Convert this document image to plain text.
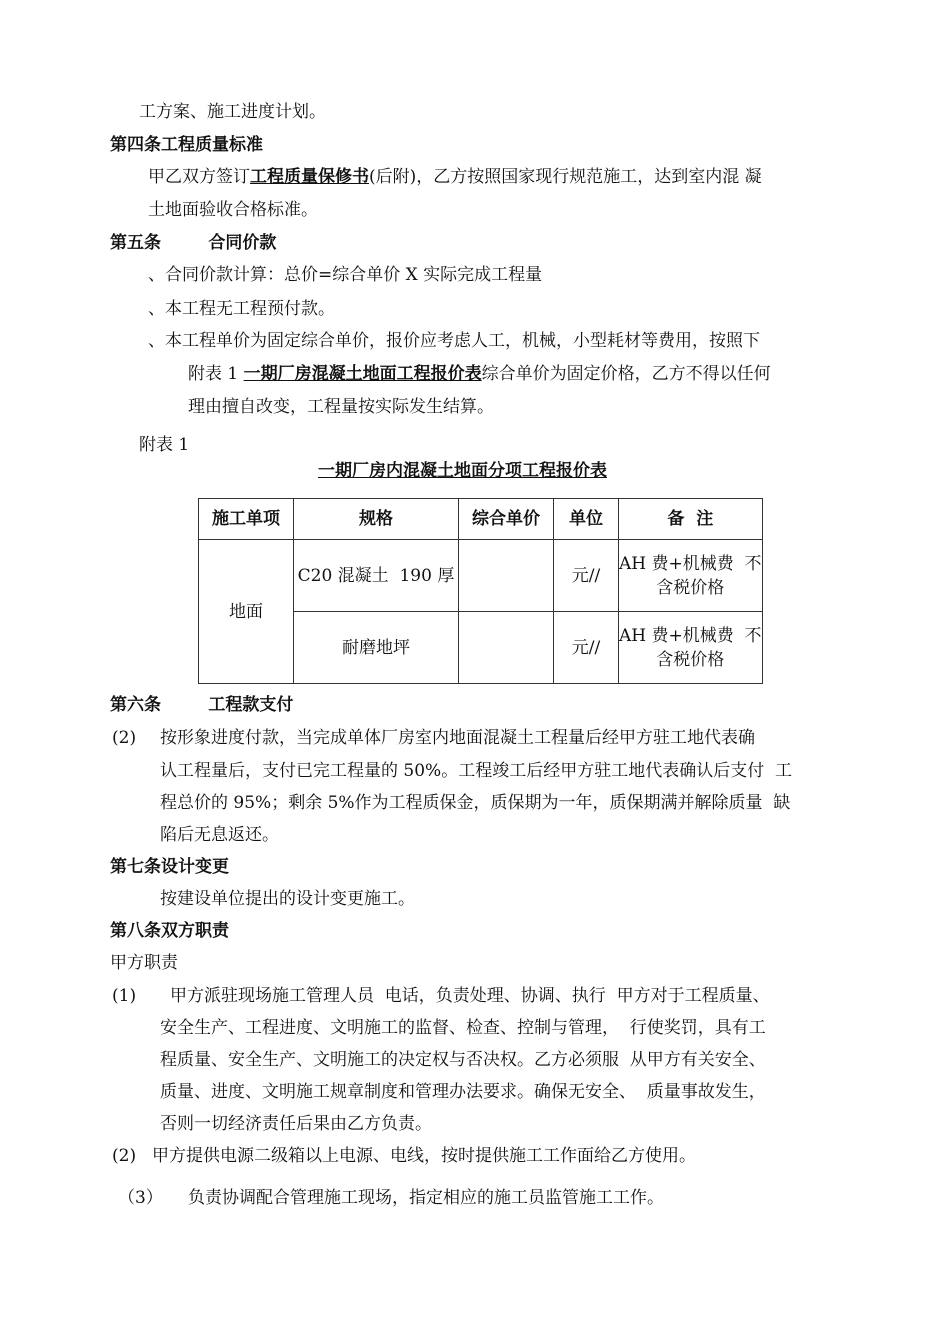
工方案、施工进度计划。
第四条工程质量标准
甲乙双方签订工程质量保修书(后附)，乙方按照国家现行规范施工，达到室内混 凝
土地面验收合格标准。
第五条        合同价款
、合同价款计算：总价=综合单价 X 实际完成工程量
、本工程无工程预付款。
、本工程单价为固定综合单价，报价应考虑人工，机械，小型耗材等费用，按照下
附表 1 一期厂房混凝土地面工程报价表综合单价为固定价格，乙方不得以任何
理由擅自改变，工程量按实际发生结算。
附表 1
一期厂房内混凝土地面分项工程报价表
施工单项	规格	综合单价	单位	备  注
地面	C20 混凝土  190 厚		元//	AH 费+机械费  不
含税价格

	耐磨地坪		元//	AH 费+机械费  不
含税价格
第六条        工程款支付
(2) 按形象进度付款，当完成单体厂房室内地面混凝土工程量后经甲方驻工地代表确
认工程量后，支付已完工程量的 50%。工程竣工后经甲方驻工地代表确认后支付  工
程总价的 95%；剩余 5%作为工程质保金，质保期为一年，质保期满并解除质量  缺
陷后无息返还。
第七条设计变更
按建设单位提出的设计变更施工。
第八条双方职责
甲方职责
(1) 甲方派驻现场施工管理人员  电话，负责处理、协调、执行  甲方对于工程质量、
安全生产、工程进度、文明施工的监督、检查、控制与管理，  行使奖罚，具有工
程质量、安全生产、文明施工的决定权与否决权。乙方必须服  从甲方有关安全、
质量、进度、文明施工规章制度和管理办法要求。确保无安全、  质量事故发生，
否则一切经济责任后果由乙方负责。
(2) 甲方提供电源二级箱以上电源、电线，按时提供施工工作面给乙方使用。
（3） 负责协调配合管理施工现场，指定相应的施工员监管施工工作。
